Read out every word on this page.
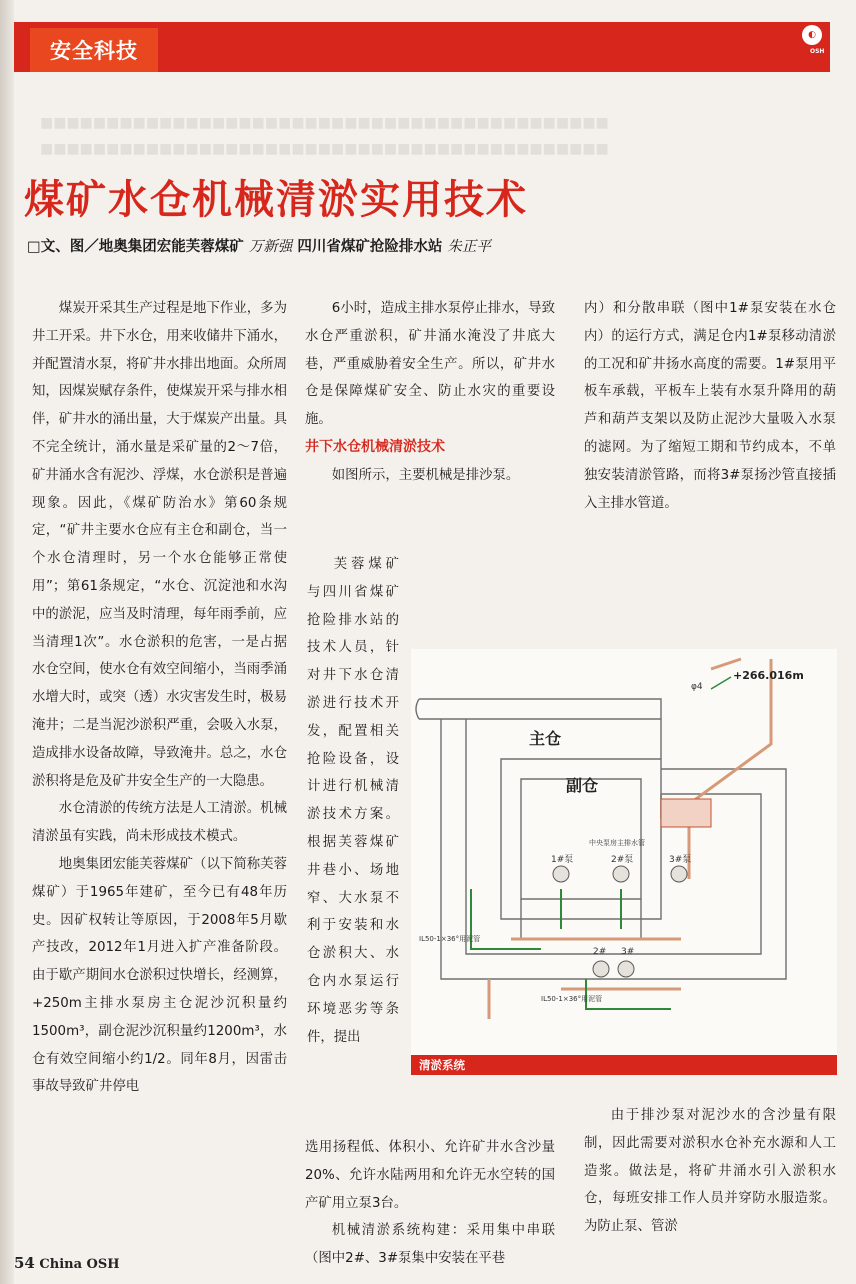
安全科技
◐
OSH
■■■■■■■■■■■■■■■■■■■■■■■■■■■■■■■■■■■■■■■■■■■
■■■■■■■■■■■■■■■■■■■■■■■■■■■■■■■■■■■■■■■■■■■
煤矿水仓机械清淤实用技术
□文、图／地奥集团宏能芙蓉煤矿 万新强 四川省煤矿抢险排水站 朱正平

煤炭开采其生产过程是地下作业，多为井工开采。井下水仓，用来收储井下涌水，并配置清水泵，将矿井水排出地面。众所周知，因煤炭赋存条件，使煤炭开采与排水相伴，矿井水的涌出量，大于煤炭产出量。具不完全统计，涌水量是采矿量的2～7倍，矿井涌水含有泥沙、浮煤，水仓淤积是普遍现象。因此，《煤矿防治水》第60条规定，“矿井主要水仓应有主仓和副仓，当一个水仓清理时，另一个水仓能够正常使用”；第61条规定，“水仓、沉淀池和水沟中的淤泥，应当及时清理，每年雨季前，应当清理1次”。水仓淤积的危害，一是占据水仓空间，使水仓有效空间缩小，当雨季涌水增大时，或突（透）水灾害发生时，极易淹井；二是当泥沙淤积严重，会吸入水泵，造成排水设备故障，导致淹井。总之，水仓淤积将是危及矿井安全生产的一大隐患。

水仓清淤的传统方法是人工清淤。机械清淤虽有实践，尚未形成技术模式。

地奥集团宏能芙蓉煤矿（以下简称芙蓉煤矿）于1965年建矿，至今已有48年历史。因矿权转让等原因，于2008年5月歇产技改，2012年1月进入扩产准备阶段。由于歇产期间水仓淤积过快增长，经测算，+250m主排水泵房主仓泥沙沉积量约1500m³，副仓泥沙沉积量约1200m³，水仓有效空间缩小约1/2。同年8月，因雷击事故导致矿井停电

6小时，造成主排水泵停止排水，导致水仓严重淤积，矿井涌水淹没了井底大巷，严重威胁着安全生产。所以，矿井水仓是保障煤矿安全、防止水灾的重要设施。

井下水仓机械清淤技术

如图所示，主要机械是排沙泵。

芙蓉煤矿与四川省煤矿抢险排水站的技术人员，针对井下水仓清淤进行技术开发，配置相关抢险设备，设计进行机械清淤技术方案。根据芙蓉煤矿井巷小、场地窄、大水泵不利于安装和水仓淤积大、水仓内水泵运行环境恶劣等条件，提出

选用扬程低、体积小、允许矿井水含沙量20%、允许水陆两用和允许无水空转的国产矿用立泵3台。

机械清淤系统构建：采用集中串联（图中2#、3#泵集中安装在平巷

内）和分散串联（图中1#泵安装在水仓内）的运行方式，满足仓内1#泵移动清淤的工况和矿井扬水高度的需要。1#泵用平板车承载，平板车上装有水泵升降用的葫芦和葫芦支架以及防止泥沙大量吸入水泵的滤网。为了缩短工期和节约成本，不单独安装清淤管路，而将3#泵扬沙管直接插入主排水管道。

φ4
+266.016m
主仓
副仓
中央泵房主排水管
1#泵	2#泵	3#泵
2# 3#
IL50-1×36°用泥管
IL50-1×36°用泥管
清淤系统

由于排沙泵对泥沙水的含沙量有限制，因此需要对淤积水仓补充水源和人工造浆。做法是，将矿井涌水引入淤积水仓，每班安排工作人员并穿防水服造浆。为防止泵、管淤

54 China OSH
